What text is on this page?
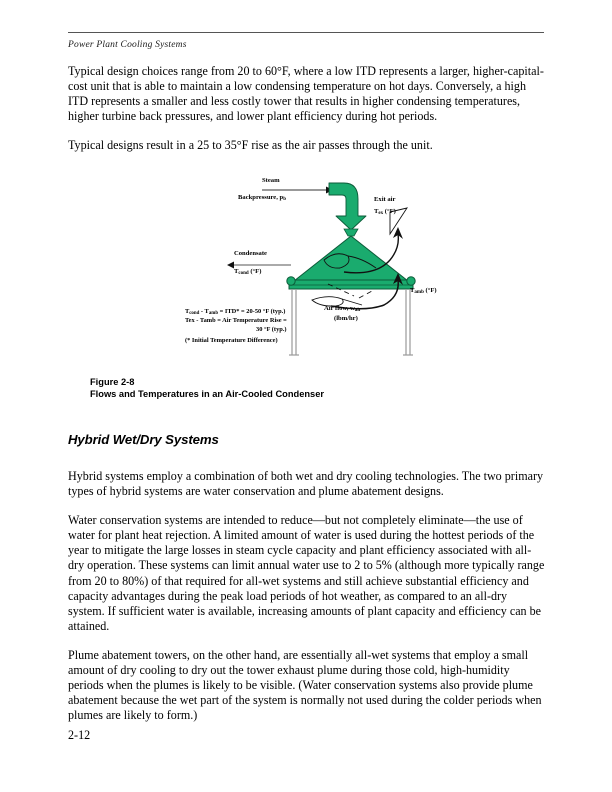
Power Plant Cooling Systems

Typical design choices range from 20 to 60°F, where a low ITD represents a larger, higher-capital-cost unit that is able to maintain a low condensing temperature on hot days. Conversely, a high ITD represents a smaller and less costly tower that results in higher condensing temperatures, higher turbine back pressures, and lower plant efficiency during hot periods.

Typical designs result in a 25 to 35°F rise as the air passes through the unit.

Steam
Backpressure, $p_b$	Exit air
$T_{ex}$ (°F)
Condensate
$T_{cond}$ (°F)
$T_{amb}$ (°F)
Air flow, $w_{air}$
(lbm/hr)
$T_{cond} - T_{amb} = ITD* = 20-50$ °F (typ.)
Tex - Tamb = Air Temperature Rise =
30 °F (typ.)
(* Initial Temperature Difference)
Figure 2-8
Flows and Temperatures in an Air-Cooled Condenser
Hybrid Wet/Dry Systems

Hybrid systems employ a combination of both wet and dry cooling technologies. The two primary types of hybrid systems are water conservation and plume abatement designs.

Water conservation systems are intended to reduce—but not completely eliminate—the use of water for plant heat rejection. A limited amount of water is used during the hottest periods of the year to mitigate the large losses in steam cycle capacity and plant efficiency associated with all-dry operation. These systems can limit annual water use to 2 to 5% (although more typically range from 20 to 80%) of that required for all-wet systems and still achieve substantial efficiency and capacity advantages during the peak load periods of hot weather, as compared to an all-dry system. If sufficient water is available, increasing amounts of plant capacity and efficiency can be attained.

Plume abatement towers, on the other hand, are essentially all-wet systems that employ a small amount of dry cooling to dry out the tower exhaust plume during those cold, high-humidity periods when the plumes is likely to be visible. (Water conservation systems also provide plume abatement because the wet part of the system is normally not used during the colder periods when plumes are likely to form.)

2-12
